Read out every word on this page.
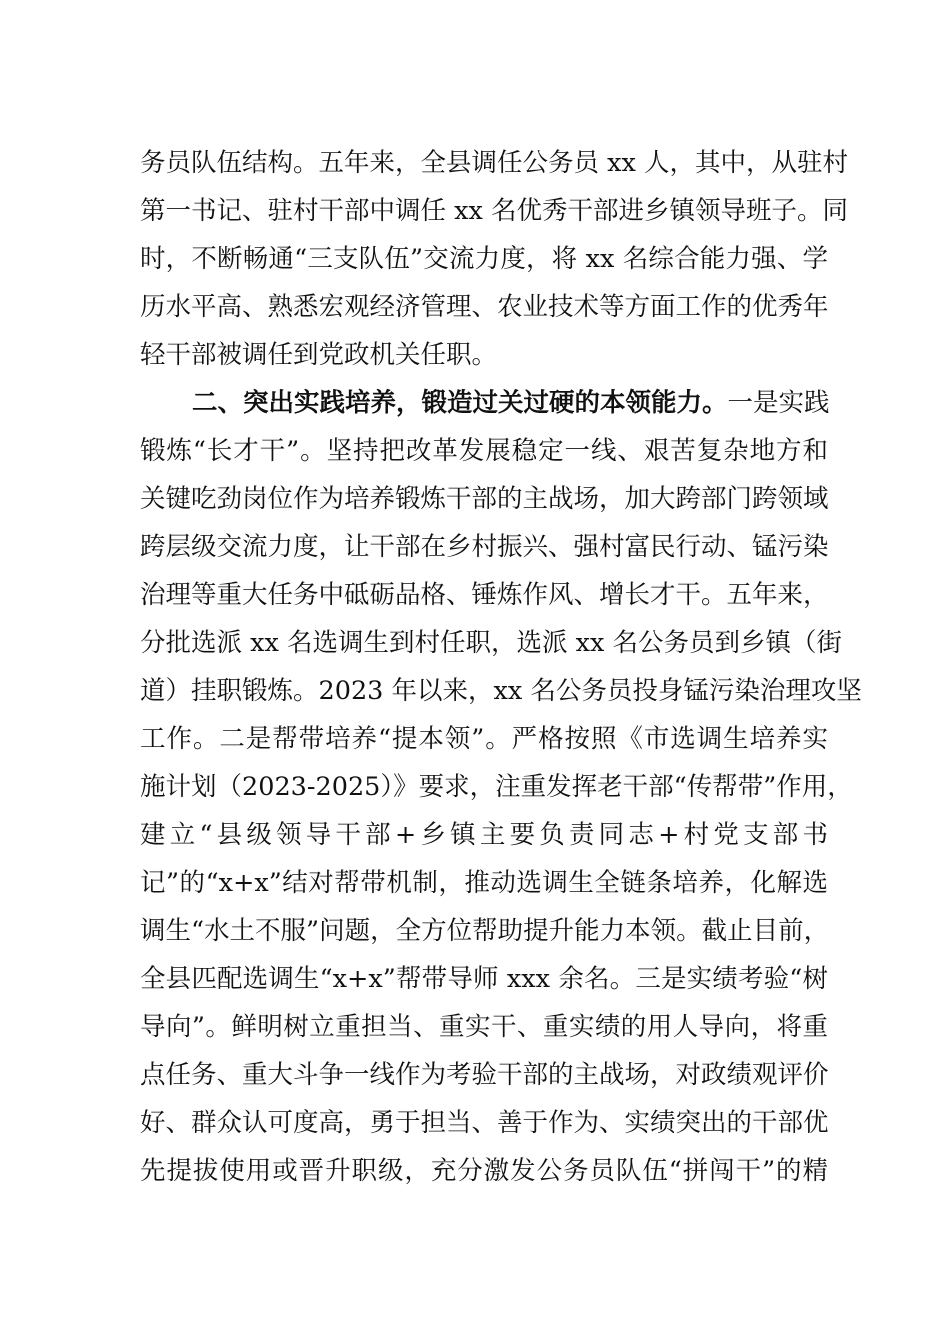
务员队伍结构。五年来，全县调任公务员 xx 人，其中，从驻村
第一书记、驻村干部中调任 xx 名优秀干部进乡镇领导班子。同
时，不断畅通“三支队伍”交流力度，将 xx 名综合能力强、学
历水平高、熟悉宏观经济管理、农业技术等方面工作的优秀年
轻干部被调任到党政机关任职。
二、突出实践培养，锻造过关过硬的本领能力。 一是实践
锻炼“长才干”。坚持把改革发展稳定一线、艰苦复杂地方和
关键吃劲岗位作为培养锻炼干部的主战场，加大跨部门跨领域
跨层级交流力度，让干部在乡村振兴、强村富民行动、锰污染
治理等重大任务中砥砺品格、锤炼作风、增长才干。五年来，
分批选派 xx 名选调生到村任职，选派 xx 名公务员到乡镇（街
道）挂职锻炼。2023 年以来，xx 名公务员投身锰污染治理攻坚
工作。二是帮带培养“提本领”。严格按照《市选调生培养实
施计划（2023-2025）》要求，注重发挥老干部“传帮带”作用，
建立“县级领导干部+乡镇主要负责同志+村党支部书
记”的“x+x”结对帮带机制，推动选调生全链条培养，化解选
调生“水土不服”问题，全方位帮助提升能力本领。截止目前，
全县匹配选调生“x+x”帮带导师 xxx 余名。三是实绩考验“树
导向”。鲜明树立重担当、重实干、重实绩的用人导向，将重
点任务、重大斗争一线作为考验干部的主战场，对政绩观评价
好、群众认可度高，勇于担当、善于作为、实绩突出的干部优
先提拔使用或晋升职级，充分激发公务员队伍“拼闯干”的精
